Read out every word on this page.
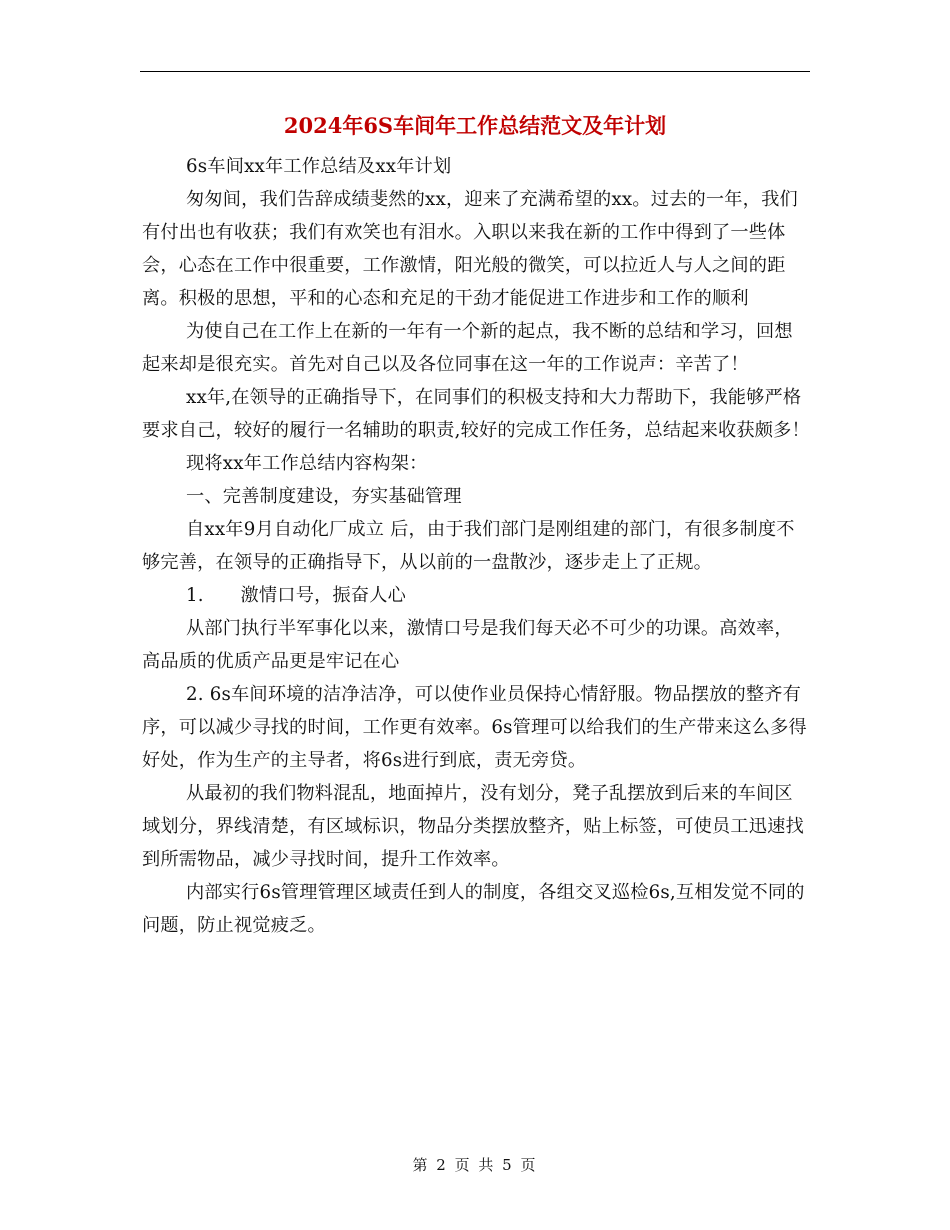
2024年6S车间年工作总结范文及年计划

6s车间xx年工作总结及xx年计划

匆匆间，我们告辞成绩斐然的xx，迎来了充满希望的xx。过去的一年，我们有付出也有收获；我们有欢笑也有泪水。入职以来我在新的工作中得到了一些体会，心态在工作中很重要，工作激情，阳光般的微笑，可以拉近人与人之间的距离。积极的思想，平和的心态和充足的干劲才能促进工作进步和工作的顺利

为使自己在工作上在新的一年有一个新的起点，我不断的总结和学习，回想起来却是很充实。首先对自己以及各位同事在这一年的工作说声：辛苦了！

xx年,在领导的正确指导下，在同事们的积极支持和大力帮助下，我能够严格要求自己，较好的履行一名辅助的职责,较好的完成工作任务，总结起来收获颇多！

现将xx年工作总结内容构架：

一、完善制度建设，夯实基础管理

自xx年9月自动化厂成立 后，由于我们部门是刚组建的部门，有很多制度不够完善，在领导的正确指导下，从以前的一盘散沙，逐步走上了正规。

1.　　激情口号，振奋人心

从部门执行半军事化以来，激情口号是我们每天必不可少的功课。高效率，高品质的优质产品更是牢记在心

2. 6s车间环境的洁净洁净，可以使作业员保持心情舒服。物品摆放的整齐有序，可以减少寻找的时间，工作更有效率。6s管理可以给我们的生产带来这么多得好处，作为生产的主导者，将6s进行到底，责无旁贷。

从最初的我们物料混乱，地面掉片，没有划分，凳子乱摆放到后来的车间区域划分，界线清楚，有区域标识，物品分类摆放整齐，贴上标签，可使员工迅速找到所需物品，减少寻找时间，提升工作效率。

内部实行6s管理管理区域责任到人的制度，各组交叉巡检6s,互相发觉不同的问题，防止视觉疲乏。

第 2 页 共 5 页
